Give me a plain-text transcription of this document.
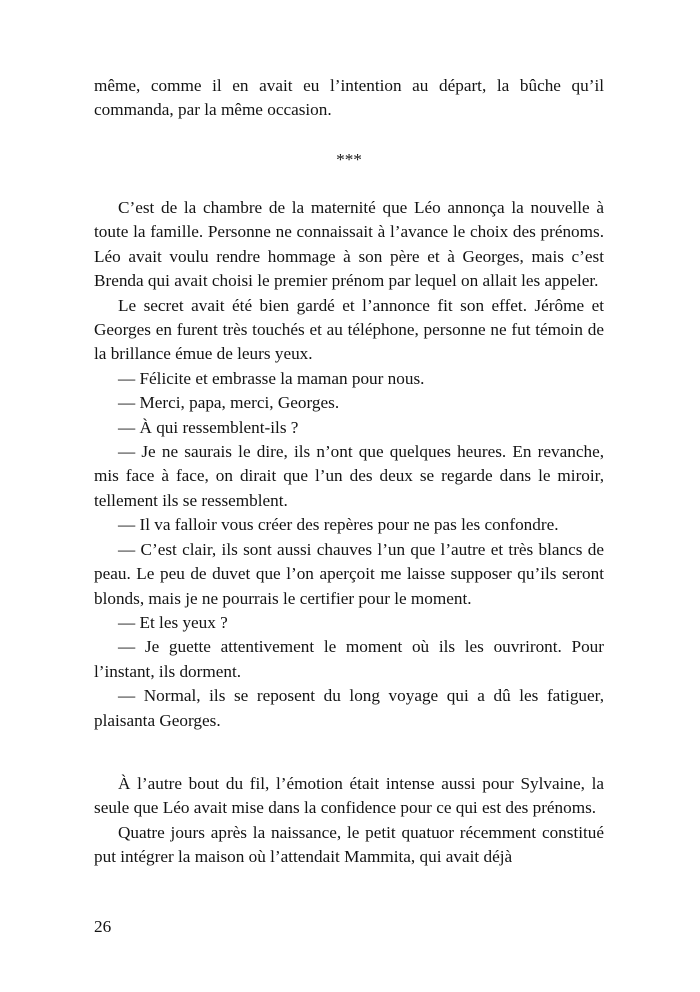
même, comme il en avait eu l’intention au départ, la bûche qu’il commanda, par la même occasion.

***

C’est de la chambre de la maternité que Léo annonça la nouvelle à toute la famille. Personne ne connaissait à l’avance le choix des prénoms. Léo avait voulu rendre hommage à son père et à Georges, mais c’est Brenda qui avait choisi le premier prénom par lequel on allait les appeler.

Le secret avait été bien gardé et l’annonce fit son effet. Jérôme et Georges en furent très touchés et au téléphone, personne ne fut témoin de la brillance émue de leurs yeux.

— Félicite et embrasse la maman pour nous.

— Merci, papa, merci, Georges.

— À qui ressemblent-ils ?

— Je ne saurais le dire, ils n’ont que quelques heures. En revanche, mis face à face, on dirait que l’un des deux se regarde dans le miroir, tellement ils se ressemblent.

— Il va falloir vous créer des repères pour ne pas les confondre.

— C’est clair, ils sont aussi chauves l’un que l’autre et très blancs de peau. Le peu de duvet que l’on aperçoit me laisse supposer qu’ils seront blonds, mais je ne pourrais le certifier pour le moment.

— Et les yeux ?

— Je guette attentivement le moment où ils les ouvriront. Pour l’instant, ils dorment.

— Normal, ils se reposent du long voyage qui a dû les fatiguer, plaisanta Georges.

À l’autre bout du fil, l’émotion était intense aussi pour Sylvaine, la seule que Léo avait mise dans la confidence pour ce qui est des prénoms.

Quatre jours après la naissance, le petit quatuor récemment constitué put intégrer la maison où l’attendait Mammita, qui avait déjà

26
